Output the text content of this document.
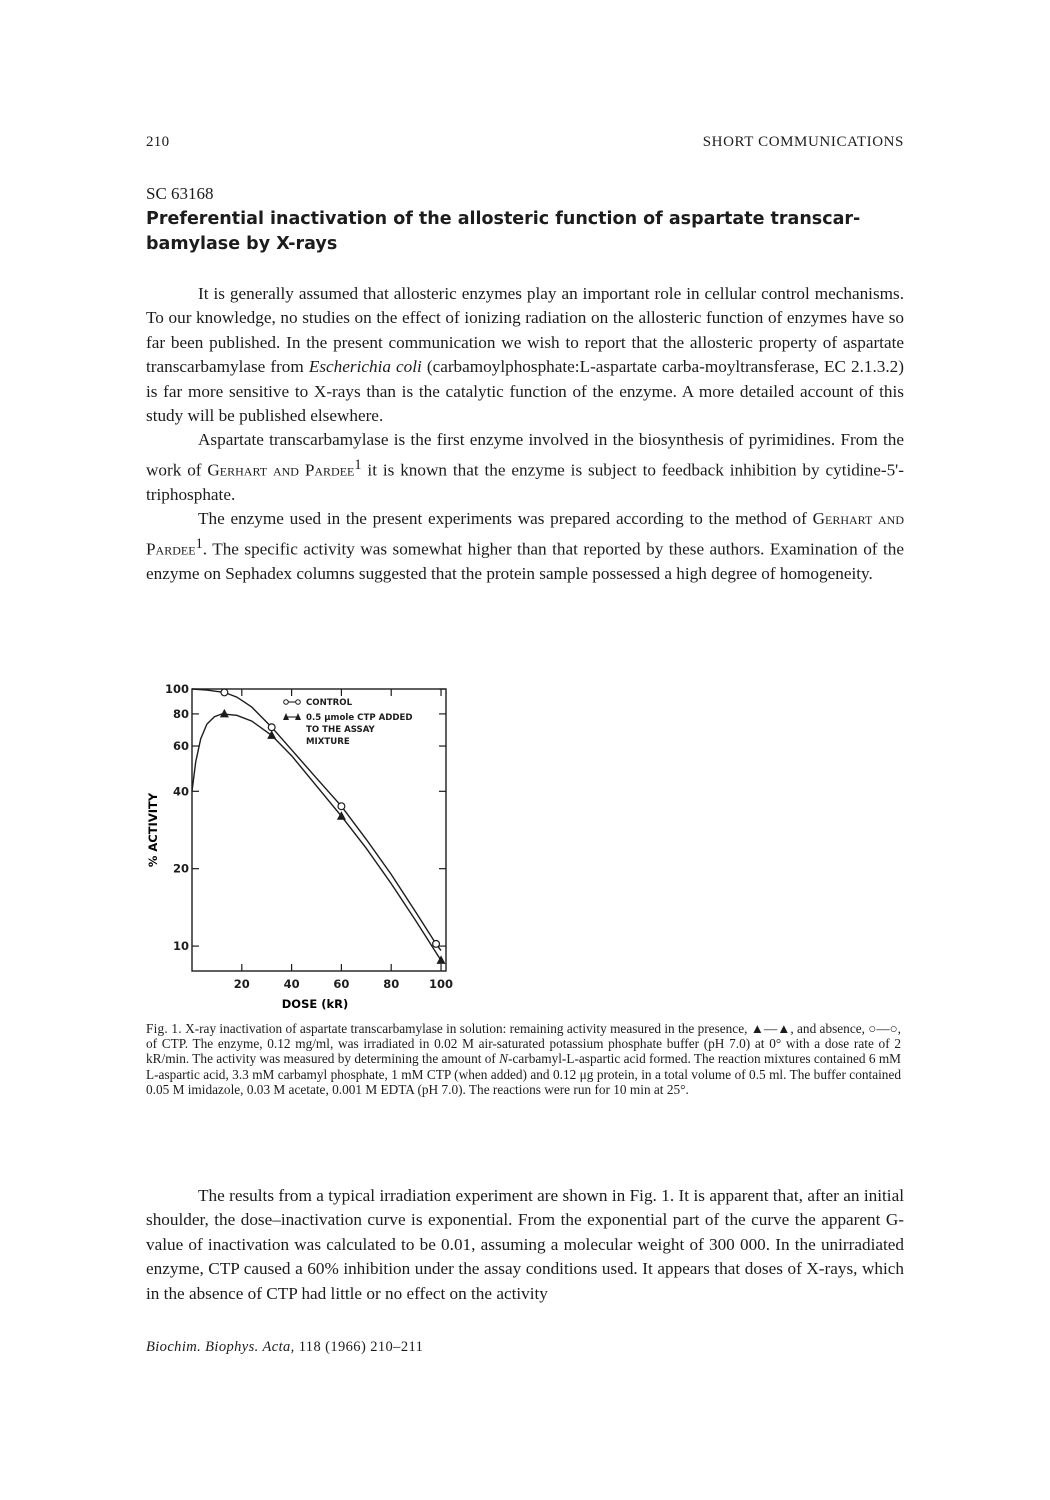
210	SHORT COMMUNICATIONS
SC 63168
Preferential inactivation of the allosteric function of aspartate transcar-bamylase by X-rays

It is generally assumed that allosteric enzymes play an important role in cellular control mechanisms. To our knowledge, no studies on the effect of ionizing radiation on the allosteric function of enzymes have so far been published. In the present communication we wish to report that the allosteric property of aspartate transcarbamylase from Escherichia coli (carbamoylphosphate:L-aspartate carba-moyltransferase, EC 2.1.3.2) is far more sensitive to X-rays than is the catalytic function of the enzyme. A more detailed account of this study will be published elsewhere.

Aspartate transcarbamylase is the first enzyme involved in the biosynthesis of pyrimidines. From the work of Gerhart and Pardee$^1$ it is known that the enzyme is subject to feedback inhibition by cytidine-5'-triphosphate.

The enzyme used in the present experiments was prepared according to the method of Gerhart and Pardee$^1$. The specific activity was somewhat higher than that reported by these authors. Examination of the enzyme on Sephadex columns suggested that the protein sample possessed a high degree of homogeneity.

20	40	60	80	100
10
20
40
60
80
100
CONTROL
0.5 μmole CTP ADDED
TO THE ASSAY
MIXTURE
DOSE (kR)
% ACTIVITY
Fig. 1. X-ray inactivation of aspartate transcarbamylase in solution: remaining activity measured in the presence, ▲—▲, and absence, ○—○, of CTP. The enzyme, 0.12 mg/ml, was irradiated in 0.02 M air-saturated potassium phosphate buffer (pH 7.0) at 0° with a dose rate of 2 kR/min. The activity was measured by determining the amount of N-carbamyl-L-aspartic acid formed. The reaction mixtures contained 6 mM L-aspartic acid, 3.3 mM carbamyl phosphate, 1 mM CTP (when added) and 0.12 μg protein, in a total volume of 0.5 ml. The buffer contained 0.05 M imidazole, 0.03 M acetate, 0.001 M EDTA (pH 7.0). The reactions were run for 10 min at 25°.

The results from a typical irradiation experiment are shown in Fig. 1. It is apparent that, after an initial shoulder, the dose–inactivation curve is exponential. From the exponential part of the curve the apparent G-value of inactivation was calculated to be 0.01, assuming a molecular weight of 300 000. In the unirradiated enzyme, CTP caused a 60% inhibition under the assay conditions used. It appears that doses of X-rays, which in the absence of CTP had little or no effect on the activity

Biochim. Biophys. Acta, 118 (1966) 210–211
